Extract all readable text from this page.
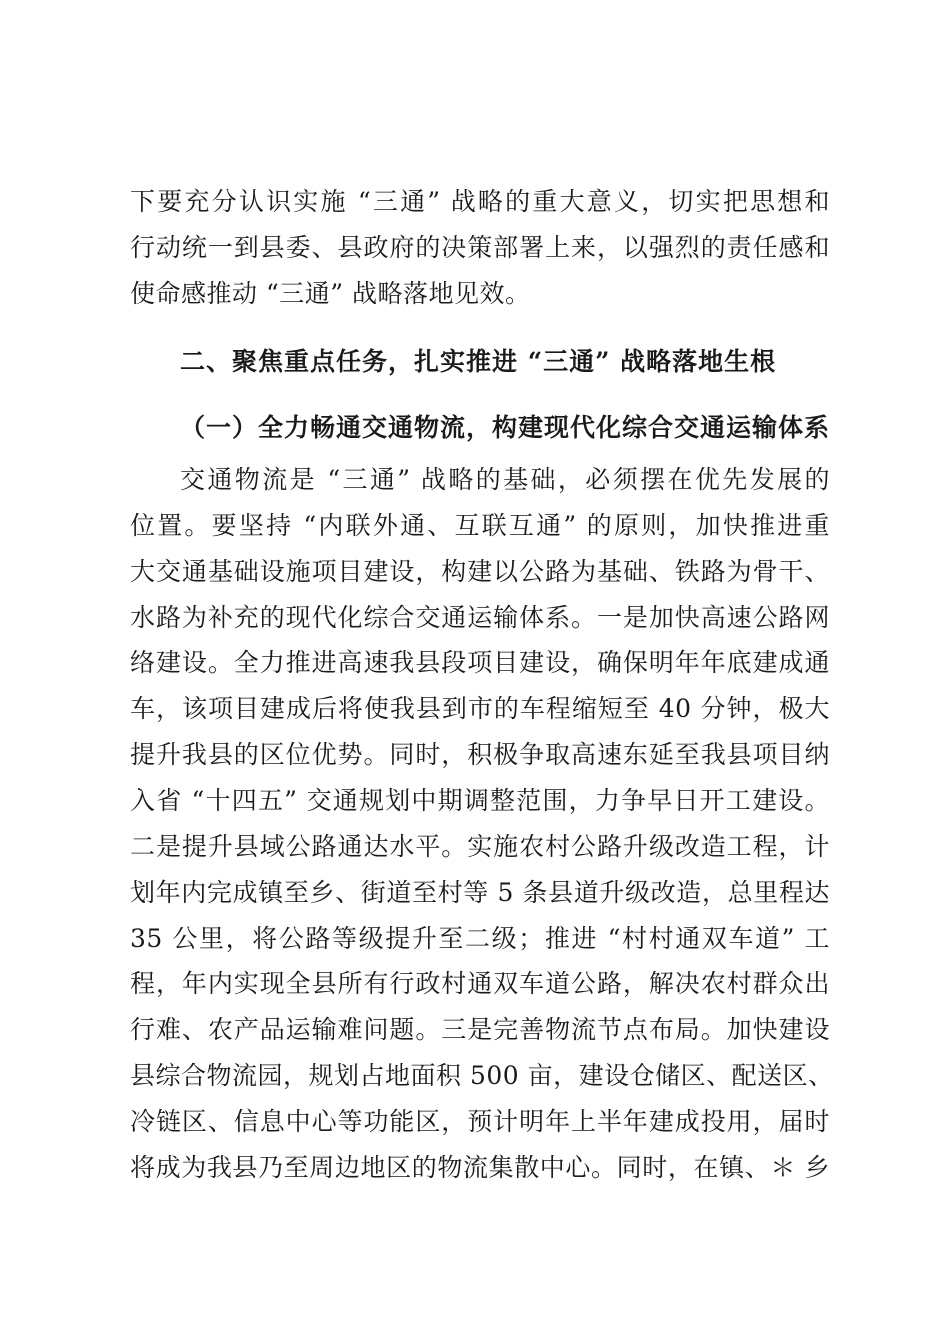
下要充分认识实施 “三通” 战略的重大意义，切实把思想和
行动统一到县委、县政府的决策部署上来，以强烈的责任感和
使命感推动 “三通” 战略落地见效。
二、聚焦重点任务，扎实推进 “三通” 战略落地生根
（一）全力畅通交通物流，构建现代化综合交通运输体系
交通物流是 “三通” 战略的基础，必须摆在优先发展的
位置。要坚持 “内联外通、互联互通” 的原则，加快推进重
大交通基础设施项目建设，构建以公路为基础、铁路为骨干、
水路为补充的现代化综合交通运输体系。一是加快高速公路网
络建设。全力推进高速我县段项目建设，确保明年年底建成通
车，该项目建成后将使我县到市的车程缩短至 40 分钟，极大
提升我县的区位优势。同时，积极争取高速东延至我县项目纳
入省 “十四五” 交通规划中期调整范围，力争早日开工建设。
二是提升县域公路通达水平。实施农村公路升级改造工程，计
划年内完成镇至乡、街道至村等 5 条县道升级改造，总里程达
35 公里，将公路等级提升至二级；推进 “村村通双车道” 工
程，年内实现全县所有行政村通双车道公路，解决农村群众出
行难、农产品运输难问题。三是完善物流节点布局。加快建设
县综合物流园，规划占地面积 500 亩，建设仓储区、配送区、
冷链区、信息中心等功能区，预计明年上半年建成投用，届时
将成为我县乃至周边地区的物流集散中心。同时，在镇、＊ 乡
